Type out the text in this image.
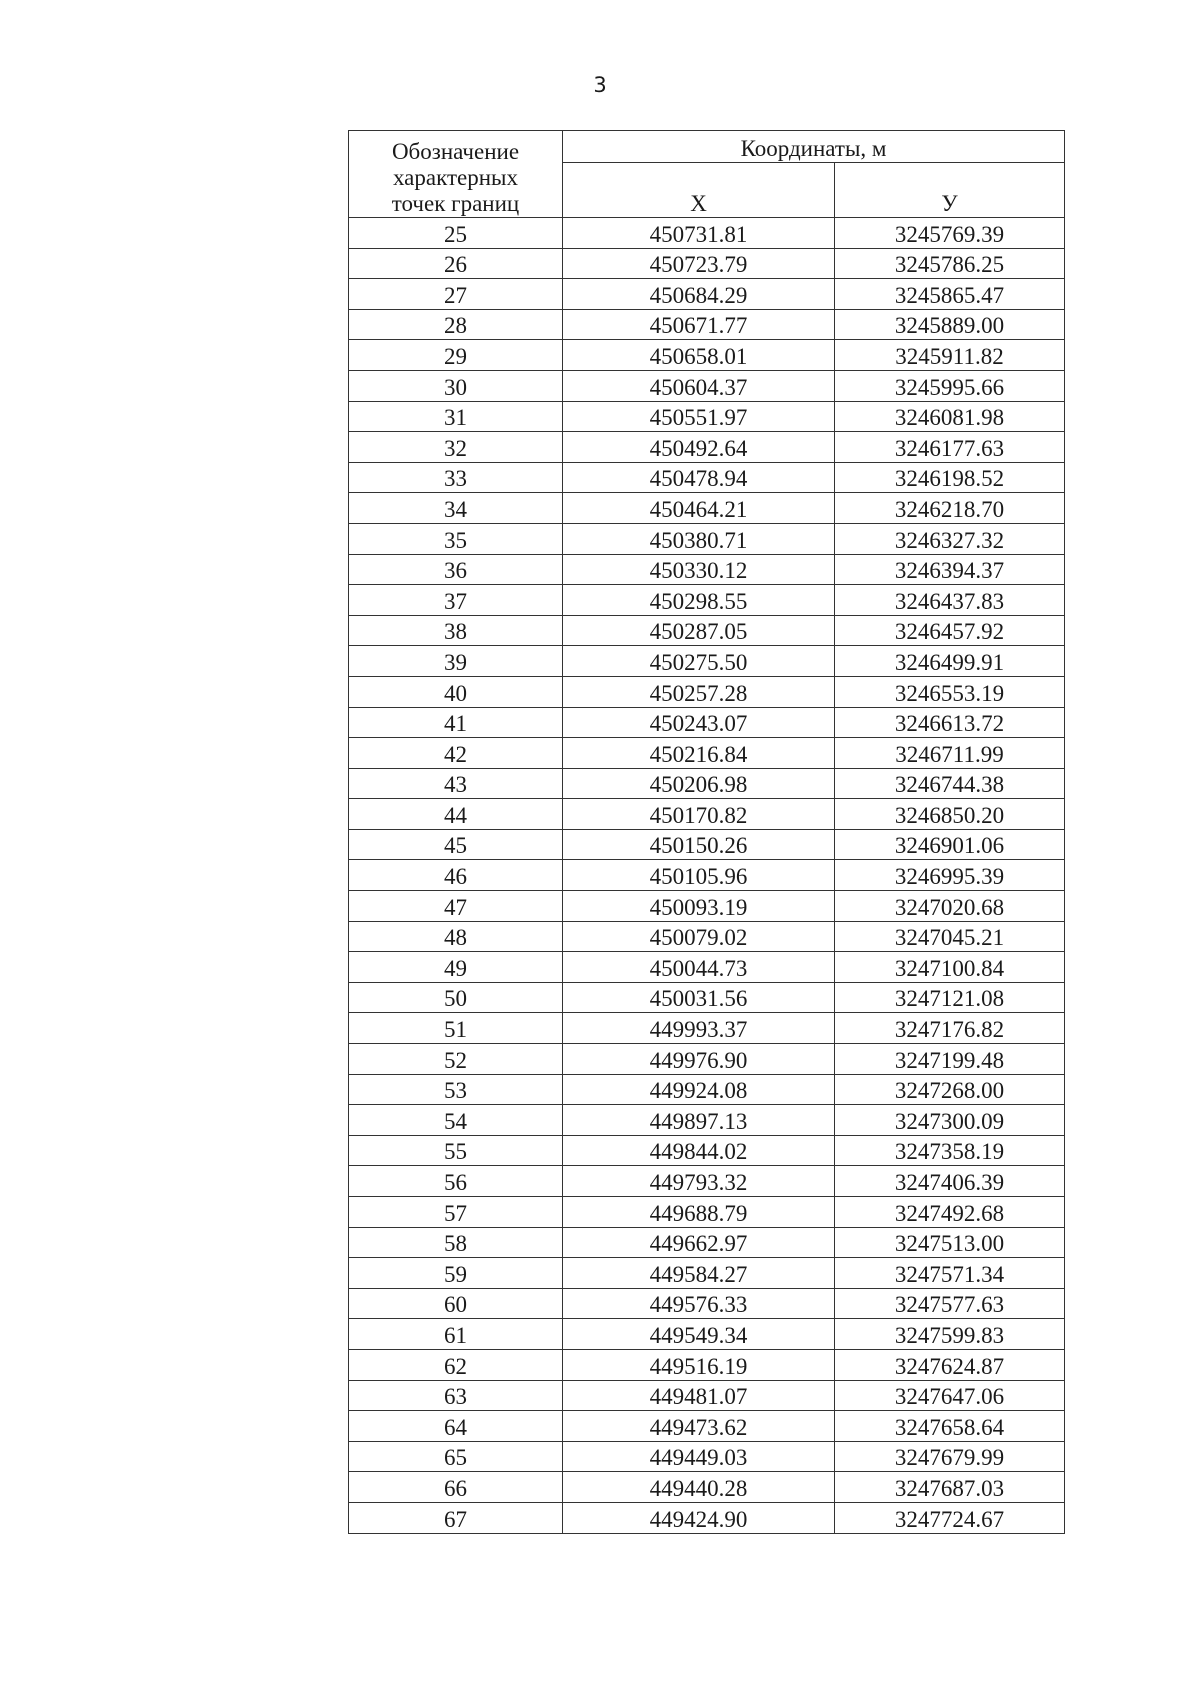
3
Обозначение
характерных
точек границ	Координаты, м	
	Х	У
25	450731.81	3245769.39
26	450723.79	3245786.25
27	450684.29	3245865.47
28	450671.77	3245889.00
29	450658.01	3245911.82
30	450604.37	3245995.66
31	450551.97	3246081.98
32	450492.64	3246177.63
33	450478.94	3246198.52
34	450464.21	3246218.70
35	450380.71	3246327.32
36	450330.12	3246394.37
37	450298.55	3246437.83
38	450287.05	3246457.92
39	450275.50	3246499.91
40	450257.28	3246553.19
41	450243.07	3246613.72
42	450216.84	3246711.99
43	450206.98	3246744.38
44	450170.82	3246850.20
45	450150.26	3246901.06
46	450105.96	3246995.39
47	450093.19	3247020.68
48	450079.02	3247045.21
49	450044.73	3247100.84
50	450031.56	3247121.08
51	449993.37	3247176.82
52	449976.90	3247199.48
53	449924.08	3247268.00
54	449897.13	3247300.09
55	449844.02	3247358.19
56	449793.32	3247406.39
57	449688.79	3247492.68
58	449662.97	3247513.00
59	449584.27	3247571.34
60	449576.33	3247577.63
61	449549.34	3247599.83
62	449516.19	3247624.87
63	449481.07	3247647.06
64	449473.62	3247658.64
65	449449.03	3247679.99
66	449440.28	3247687.03
67	449424.90	3247724.67
